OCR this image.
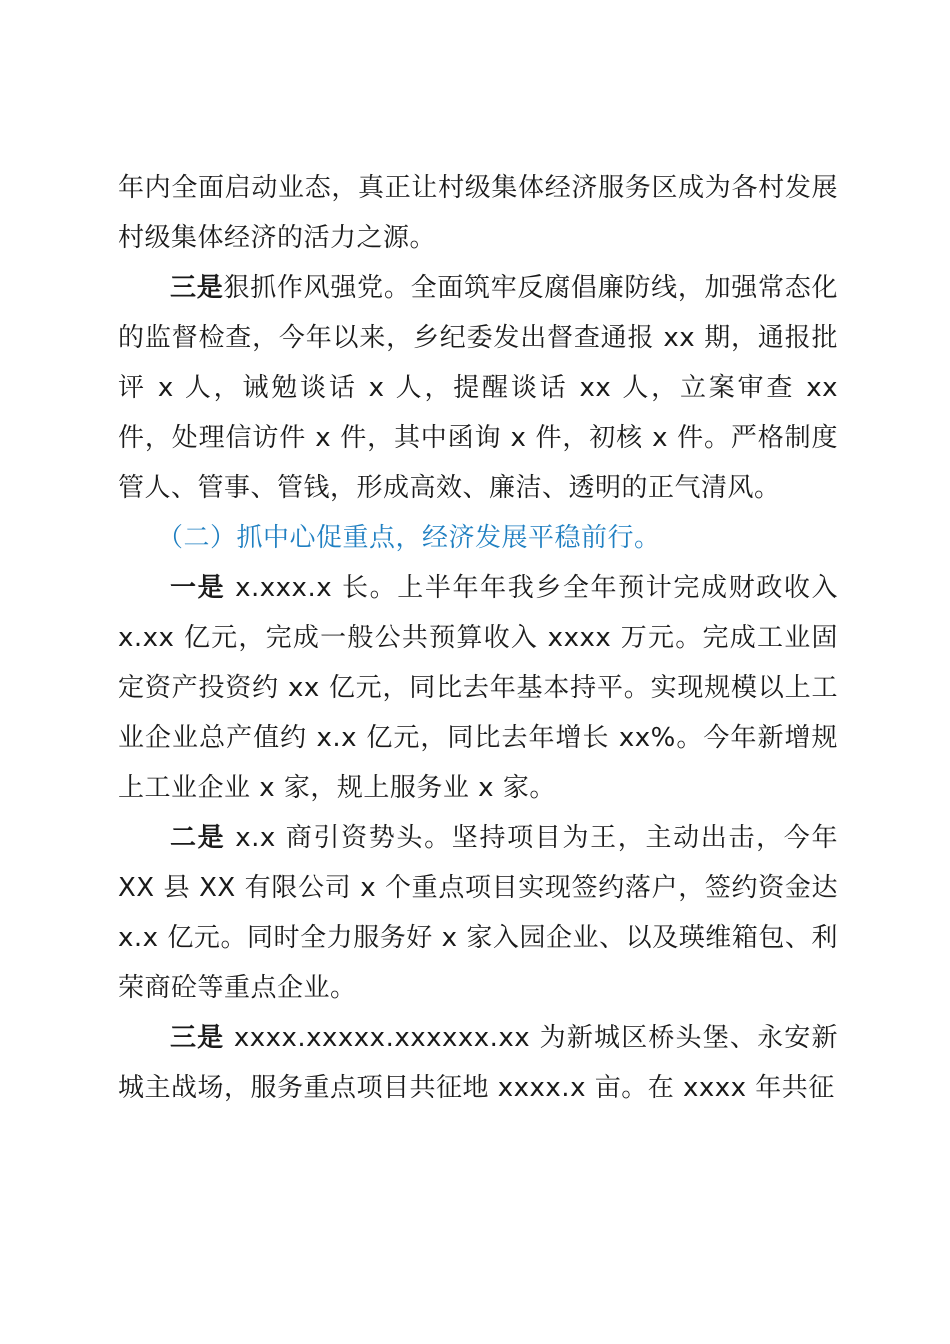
年内全面启动业态，真正让村级集体经济服务区成为各村发展村级集体经济的活力之源。

三是狠抓作风强党。全面筑牢反腐倡廉防线，加强常态化的监督检查，今年以来，乡纪委发出督查通报 xx 期，通报批评 x 人，诫勉谈话 x 人，提醒谈话 xx 人，立案审查 xx 件，处理信访件 x 件，其中函询 x 件，初核 x 件。严格制度管人、管事、管钱，形成高效、廉洁、透明的正气清风。

（二）抓中心促重点，经济发展平稳前行。

一是 x.xxx.x 长。上半年年我乡全年预计完成财政收入 x.xx 亿元，完成一般公共预算收入 xxxx 万元。完成工业固定资产投资约 xx 亿元，同比去年基本持平。实现规模以上工业企业总产值约 x.x 亿元，同比去年增长 xx%。今年新增规上工业企业 x 家，规上服务业 x 家。

二是 x.x 商引资势头。坚持项目为王，主动出击，今年 XX 县 XX 有限公司 x 个重点项目实现签约落户，签约资金达 x.x 亿元。同时全力服务好 x 家入园企业、以及瑛维箱包、利荣商砼等重点企业。

三是 xxxx.xxxxx.xxxxxx.xx 为新城区桥头堡、永安新城主战场，服务重点项目共征地 xxxx.x 亩。在 xxxx 年共征
